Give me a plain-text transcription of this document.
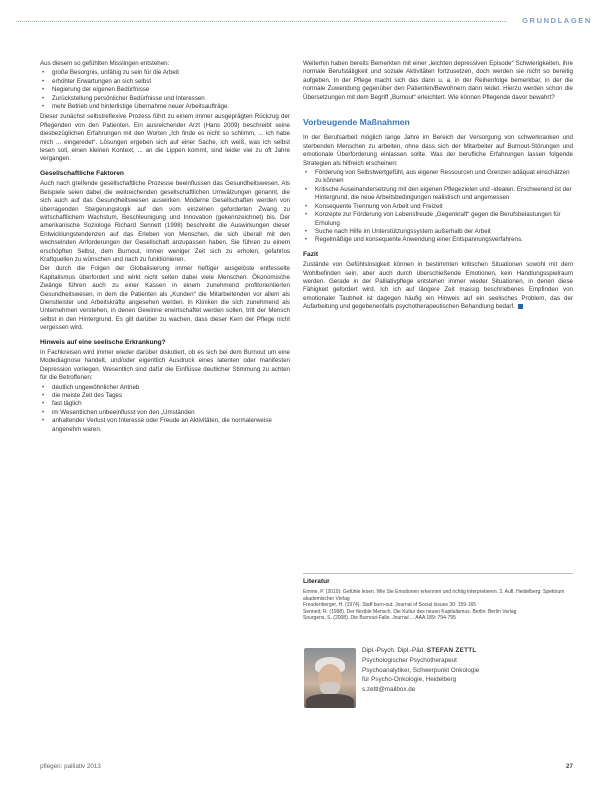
GRUNDLAGEN

Aus diesem so gefühlten Misslingen entstehen:

• große Besorgnis, unfähig zu sein für die Arbeit
• erhöhter Erwartungen an sich selbst
• Negierung der eigenen Bedürfnisse
• Zurückstellung persönlicher Bedürfnisse und Interessen
• mehr Betrieb und hinterlistige Übernahme neuer Arbeitsaufträge.

Dieser zunächst selbstreflexive Prozess führt zu einem immer ausgeprägten Rückzug der Pflegenden von den Patienten. Ein ausreichender Arzt (Hans 2009) beschreibt seine diesbezüglichen Erfahrungen mit den Worten „Ich finde es nicht so schlimm, ... ich habe mich ... eingeredet“. Lösungen ergeben sich auf einer Sache, ich weiß, was ich selbst lesen soll, einen kleinen Kontext, ... an die Lippen kommt, sind leider viel zu oft Jahre vergangen.

Gesellschaftliche Faktoren

Auch nach greifende gesellschaftliche Prozesse beeinflussen das Gesundheitswesen. Als Beispiele seien dabei die weitreichenden gesellschaftlichen Umwälzungen genannt, die sich auch auf das Gesundheitswesen auswirken. Moderne Gesellschaften werden von überragenden Steigerungslogik auf den vom einzelnen geforderten Zwang zu wirtschaftlichem Wachstum, Beschleunigung und Innovation (gekennzeichnet) bis. Der amerikanische Soziologe Richard Sennett (1998) beschreibt die Auswirkungen dieser Entwicklungstendenzen auf das Erleben von Menschen, die sich überall mit den wechselnden Anforderungen der Gesellschaft anzupassen haben. Sie führen zu einem erschöpften Selbst, dem Burnout, immer weniger Zeit sich zu erholen, gefahrlos Kraftquellen zu wünschen und nach zu funktionieren.

Der durch die Folgen der Globalisierung immer heftiger ausgelöste entfesselte Kapitalismus überfordert und wirkt nicht selten dabei viele Menschen. Ökonomische Zwänge führen auch zu einer Kassen in einem zunehmend profitorientierten Gesundheitswesen, in dem die Patienten als „Kunden“ die Mitarbeitenden vor allem als Dienstleister und Arbeitskräfte angesehen werden. In Kliniken die sich zunehmend als Unternehmen verstehen, in denen Gewinne erwirtschaftet werden sollen, tritt der Mensch selbst in den Hintergrund. Es gilt darüber zu wachen, dass dieser Kern der Pflege nicht vergessen wird.

Hinweis auf eine seelische Erkrankung?

In Fachkreisen wird immer wieder darüber diskutiert, ob es sich bei dem Burnout um eine Modediagnose handelt, und/oder eigentlich Ausdruck eines latenten oder manifesten Depression vorliegen. Wesentlich sind dafür die Einflüsse deutlicher Stimmung zu achten für die Betroffenen:

• deutlich ungewöhnlicher Antrieb
• die meiste Zeit des Tages
• fast täglich
• im Wesentlichen unbeeinflusst von den „Umständen
• anhaltender Verlust von Interesse oder Freude an Aktivitäten, die normalerweise angenehm waren.

Weiterhin haben bereits Bemerkten mit einer „leichten depressiven Episode“ Schwierigkeiten, ihre normale Berufstätigkeit und soziale Aktivitäten fortzusetzen, doch werden sie nicht so bereitig aufgeben. In der Pflege macht sich das dann u. a. in der Reihenfolge bemerkbar, in der die normale Zuwendung gegenüber den Patienten/Bewohnern dann leidet. Hierzu werden schon die Übersetzungen mit dem Begriff „Burnout“ erleichtert. Wie können Pflegende davor bewahrt?

Vorbeugende Maßnahmen

In der Berufsarbeit möglich lange Jahre im Bereich der Versorgung von schwerkranken und sterbenden Menschen zu arbeiten, ohne dass sich der Mitarbeiter auf Burnout-Störungen und emotionale Überforderung einlassen sollte. Was der berufliche Erfahrungen lassen folgende Strategien als hilfreich erscheinen:

• Förderung von Selbstwertgefühl, aus eigener Ressourcen und Grenzen adäquat einschätzen zu können
• Kritische Auseinandersetzung mit den eigenen Pflegezielen und -idealen. Erschwerend ist der Hintergrund, die neue Arbeitsbedingungen realistisch und angemessen
• Konsequente Trennung von Arbeit und Freizeit
• Konzepte zur Förderung von Lebensfreude „Gegenkraft“ gegen die Berufsbelastungen für Erholung
• Suche nach Hilfe im Unterstützungssystem außerhalb der Arbeit
• Regelmäßige und konsequente Anwendung einer Entspannungsverfahrens.
Fazit

Zustände von Gefühlslosigkeit können in bestimmten kritischen Situationen sowohl mit dem Wohlbefinden sein, aber auch durch überschießende Emotionen, kein Handlungsspielraum werden. Gerade in der Palliativpflege entstehen immer wieder Situationen, in denen diese Fähigkeit gefordert wird. Ich ich auf längere Zeit massig beschriebenes Empfinden von emotionaler Taubheit ist dagegen häufig ein Hinweis auf ein seelisches Problem, das der Aufarbeitung und gegebenenfalls psychotherapeutischen Behandlung bedarf.

Literatur

Emme, P. (2010): Gefühle lesen. Wie Sie Emotionen erkennen und richtig interpretieren. 2. Aufl. Heidelberg: Spektrum akademischer Verlag

Freudenberger, H. (1974). Staff burn-out. Journal of Social Issues 30: 159-165

Sennett, R. (1998). Der flexible Mensch. Die Kultur des neuen Kapitalismus. Berlin: Berlin Verlag

Sourgens, S. (2008). Die Burnout-Falle. Journal ... AAA 189: 794-795

Dipl.-Psych. Dipl.-Päd. STEFAN ZETTL
Psychologischer Psychotherapeut
Psychoanalytiker, Schwerpunkt Onkologie
für Psycho-Onkologie, Heidelberg
s.zettl@mailbox.de
pflegen: palliativ 2013	27
